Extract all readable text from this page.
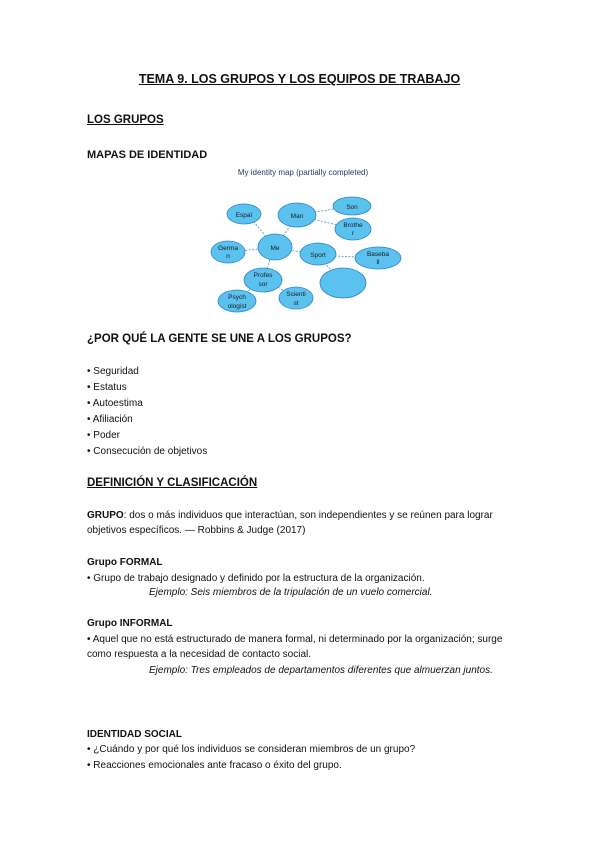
TEMA 9. LOS GRUPOS Y LOS EQUIPOS DE TRABAJO
LOS GRUPOS
MAPAS DE IDENTIDAD
My identity map (partially completed)
Espaï	Man
Son
Brothe
r
Me
Germa
n	Sport	Baseba
ll
Profes
sor
Psych
ologist
Scienti
st
¿POR QUÉ LA GENTE SE UNE A LOS GRUPOS?
• Seguridad
• Estatus
• Autoestima
• Afiliación
• Poder
• Consecución de objetivos
DEFINICIÓN Y CLASIFICACIÓN
GRUPO: dos o más individuos que interactúan, son independientes y se reúnen para lograr
objetivos específicos. — Robbins & Judge (2017)
Grupo FORMAL
• Grupo de trabajo designado y definido por la estructura de la organización.
Ejemplo: Seis miembros de la tripulación de un vuelo comercial.
Grupo INFORMAL
• Aquel que no está estructurado de manera formal, ni determinado por la organización; surge
como respuesta a la necesidad de contacto social.
Ejemplo: Tres empleados de departamentos diferentes que almuerzan juntos.
IDENTIDAD SOCIAL
• ¿Cuándo y por qué los individuos se consideran miembros de un grupo?
• Reacciones emocionales ante fracaso o éxito del grupo.
